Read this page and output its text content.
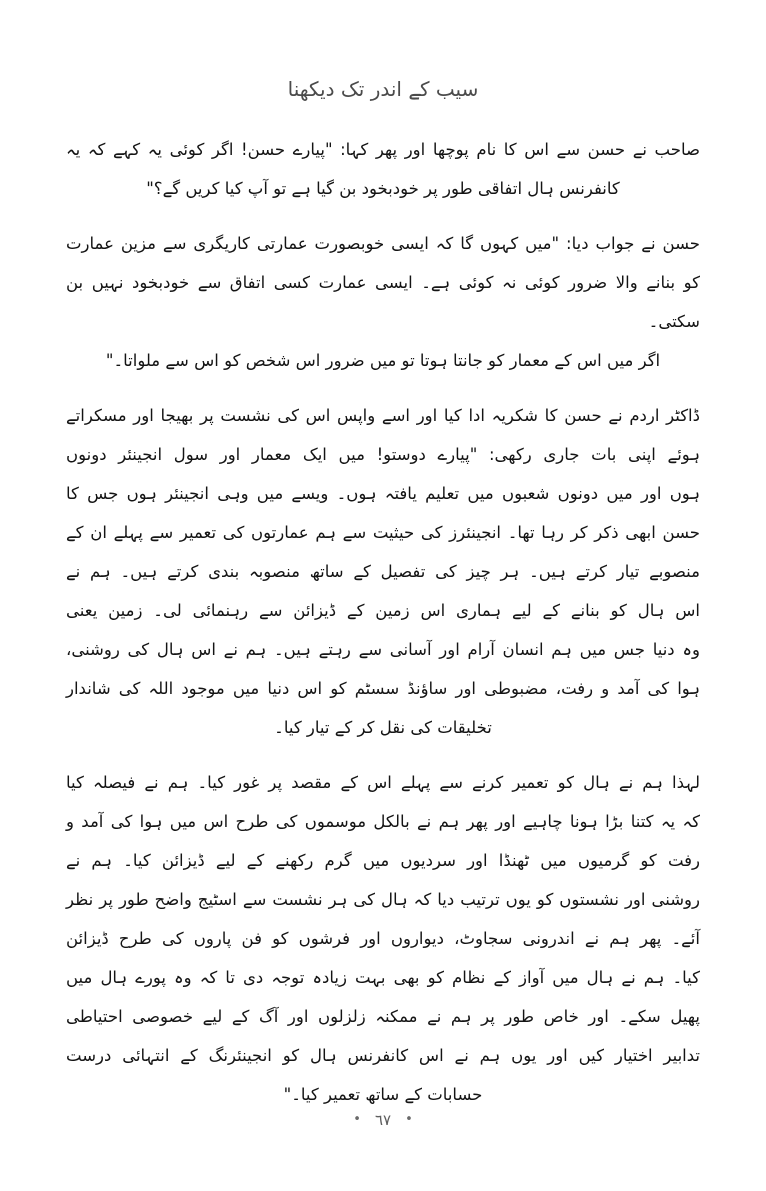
سیب کے اندر تک دیکھنا
صاحب نے حسن سے اس کا نام پوچھا اور پھر کہا: "پیارے حسن! اگر کوئی یہ کہے کہ یہ
کانفرنس ہال اتفاقی طور پر خودبخود بن گیا ہے تو آپ کیا کریں گے؟"
حسن نے جواب دیا: "میں کہوں گا کہ ایسی خوبصورت عمارتی کاریگری سے مزین عمارت
کو بنانے والا ضرور کوئی نہ کوئی ہے۔ ایسی عمارت کسی اتفاق سے خودبخود نہیں بن سکتی۔
اگر میں اس کے معمار کو جانتا ہوتا تو میں ضرور اس شخص کو اس سے ملواتا۔"
ڈاکٹر اردم نے حسن کا شکریہ ادا کیا اور اسے واپس اس کی نشست پر بھیجا اور مسکراتے
ہوئے اپنی بات جاری رکھی: "پیارے دوستو! میں ایک معمار اور سول انجینئر دونوں
ہوں اور میں دونوں شعبوں میں تعلیم یافتہ ہوں۔ ویسے میں وہی انجینئر ہوں جس کا
حسن ابھی ذکر کر رہا تھا۔ انجینئرز کی حیثیت سے ہم عمارتوں کی تعمیر سے پہلے ان کے
منصوبے تیار کرتے ہیں۔ ہر چیز کی تفصیل کے ساتھ منصوبہ بندی کرتے ہیں۔ ہم نے
اس ہال کو بنانے کے لیے ہماری اس زمین کے ڈیزائن سے رہنمائی لی۔ زمین یعنی
وہ دنیا جس میں ہم انسان آرام اور آسانی سے رہتے ہیں۔ ہم نے اس ہال کی روشنی،
ہوا کی آمد و رفت، مضبوطی اور ساؤنڈ سسٹم کو اس دنیا میں موجود اللہ کی شاندار
تخلیقات کی نقل کر کے تیار کیا۔
لہذا ہم نے ہال کو تعمیر کرنے سے پہلے اس کے مقصد پر غور کیا۔ ہم نے فیصلہ کیا
کہ یہ کتنا بڑا ہونا چاہیے اور پھر ہم نے بالکل موسموں کی طرح اس میں ہوا کی آمد و
رفت کو گرمیوں میں ٹھنڈا اور سردیوں میں گرم رکھنے کے لیے ڈیزائن کیا۔ ہم نے
روشنی اور نشستوں کو یوں ترتیب دیا کہ ہال کی ہر نشست سے اسٹیج واضح طور پر نظر
آئے۔ پھر ہم نے اندرونی سجاوٹ، دیواروں اور فرشوں کو فن پاروں کی طرح ڈیزائن
کیا۔ ہم نے ہال میں آواز کے نظام کو بھی بہت زیادہ توجہ دی تا کہ وہ پورے ہال میں
پھیل سکے۔ اور خاص طور پر ہم نے ممکنہ زلزلوں اور آگ کے لیے خصوصی احتیاطی
تدابیر اختیار کیں اور یوں ہم نے اس کانفرنس ہال کو انجینئرنگ کے انتہائی درست
حسابات کے ساتھ تعمیر کیا۔"
• ٦٧ •
